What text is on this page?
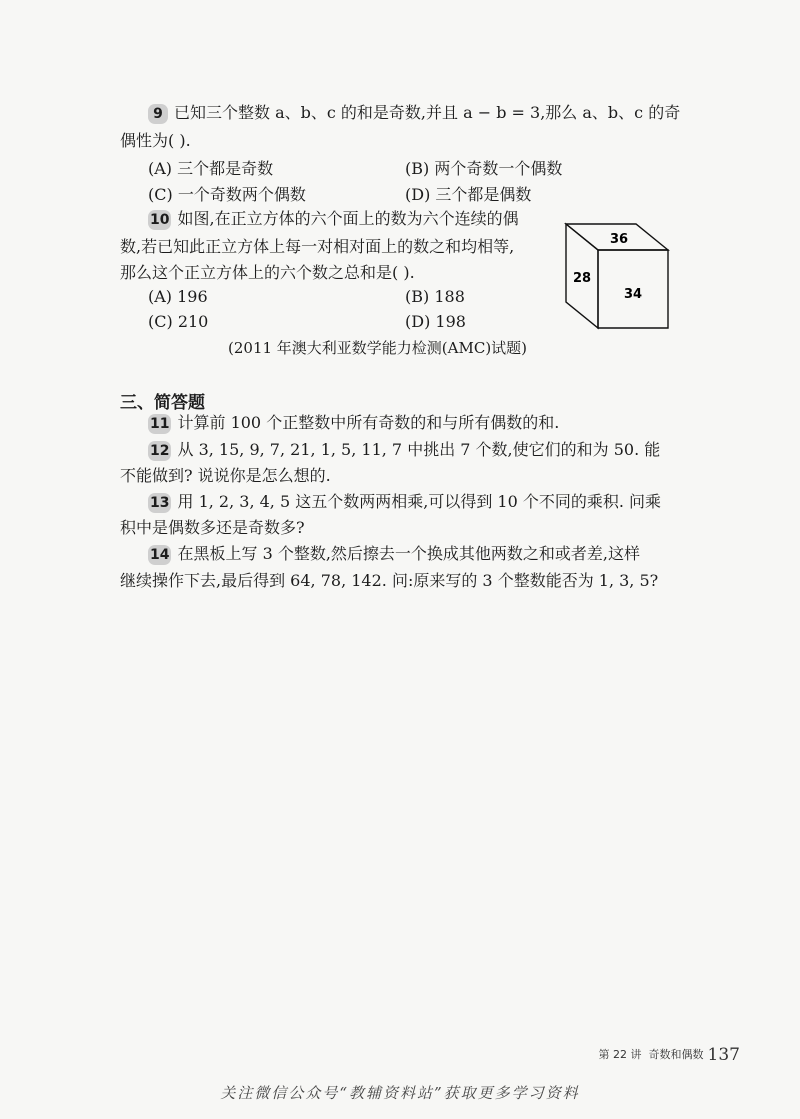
9 已知三个整数 a、b、c 的和是奇数,并且 a − b = 3,那么 a、b、c 的奇
偶性为( ).
(A) 三个都是奇数	(B) 两个奇数一个偶数
(C) 一个奇数两个偶数	(D) 三个都是偶数
10 如图,在正立方体的六个面上的数为六个连续的偶
数,若已知此正立方体上每一对相对面上的数之和均相等,
那么这个正立方体上的六个数之总和是( ).
(A) 196	(B) 188
(C) 210	(D) 198
(2011 年澳大利亚数学能力检测(AMC)试题)
36
34
28
三、简答题
11 计算前 100 个正整数中所有奇数的和与所有偶数的和.
12 从 3, 15, 9, 7, 21, 1, 5, 11, 7 中挑出 7 个数,使它们的和为 50. 能
不能做到? 说说你是怎么想的.
13 用 1, 2, 3, 4, 5 这五个数两两相乘,可以得到 10 个不同的乘积. 问乘
积中是偶数多还是奇数多?
14 在黑板上写 3 个整数,然后擦去一个换成其他两数之和或者差,这样
继续操作下去,最后得到 64, 78, 142. 问:原来写的 3 个整数能否为 1, 3, 5?
第 22 讲 奇数和偶数 137
关注微信公众号“教辅资料站”获取更多学习资料
